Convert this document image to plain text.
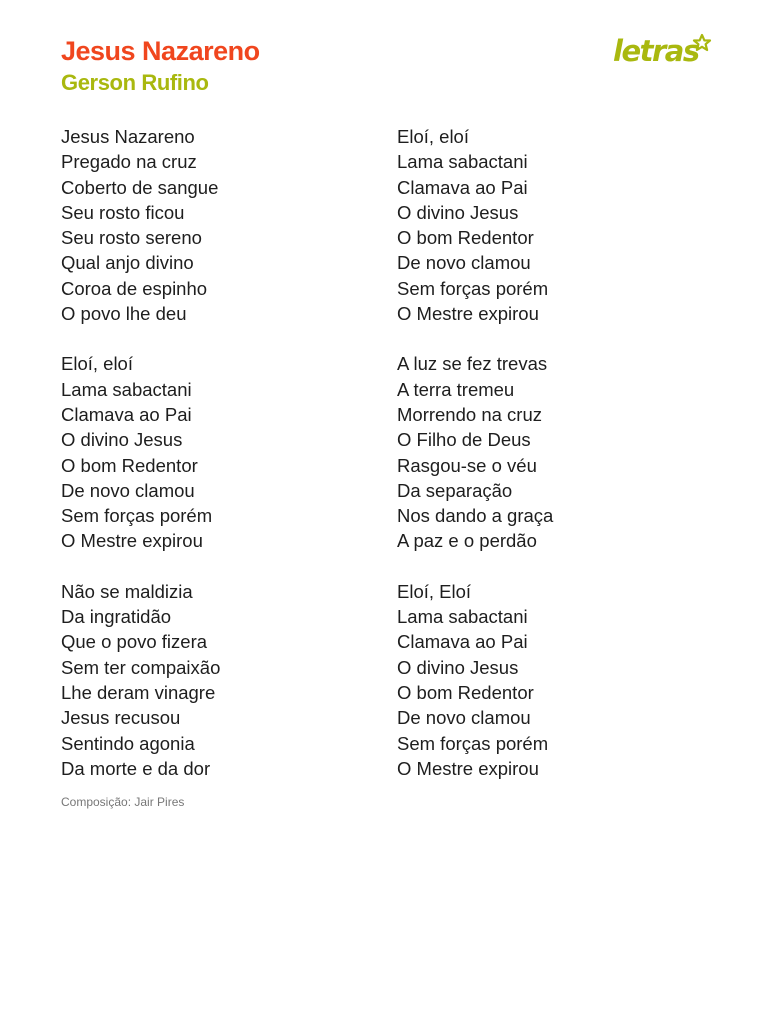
Jesus Nazareno
Gerson Rufino
letras
Jesus Nazareno
Pregado na cruz
Coberto de sangue
Seu rosto ficou
Seu rosto sereno
Qual anjo divino
Coroa de espinho
O povo lhe deu
Eloí, eloí
Lama sabactani
Clamava ao Pai
O divino Jesus
O bom Redentor
De novo clamou
Sem forças porém
O Mestre expirou
Não se maldizia
Da ingratidão
Que o povo fizera
Sem ter compaixão
Lhe deram vinagre
Jesus recusou
Sentindo agonia
Da morte e da dor
Eloí, eloí
Lama sabactani
Clamava ao Pai
O divino Jesus
O bom Redentor
De novo clamou
Sem forças porém
O Mestre expirou
A luz se fez trevas
A terra tremeu
Morrendo na cruz
O Filho de Deus
Rasgou-se o véu
Da separação
Nos dando a graça
A paz e o perdão
Eloí, Eloí
Lama sabactani
Clamava ao Pai
O divino Jesus
O bom Redentor
De novo clamou
Sem forças porém
O Mestre expirou
Composição: Jair Pires
